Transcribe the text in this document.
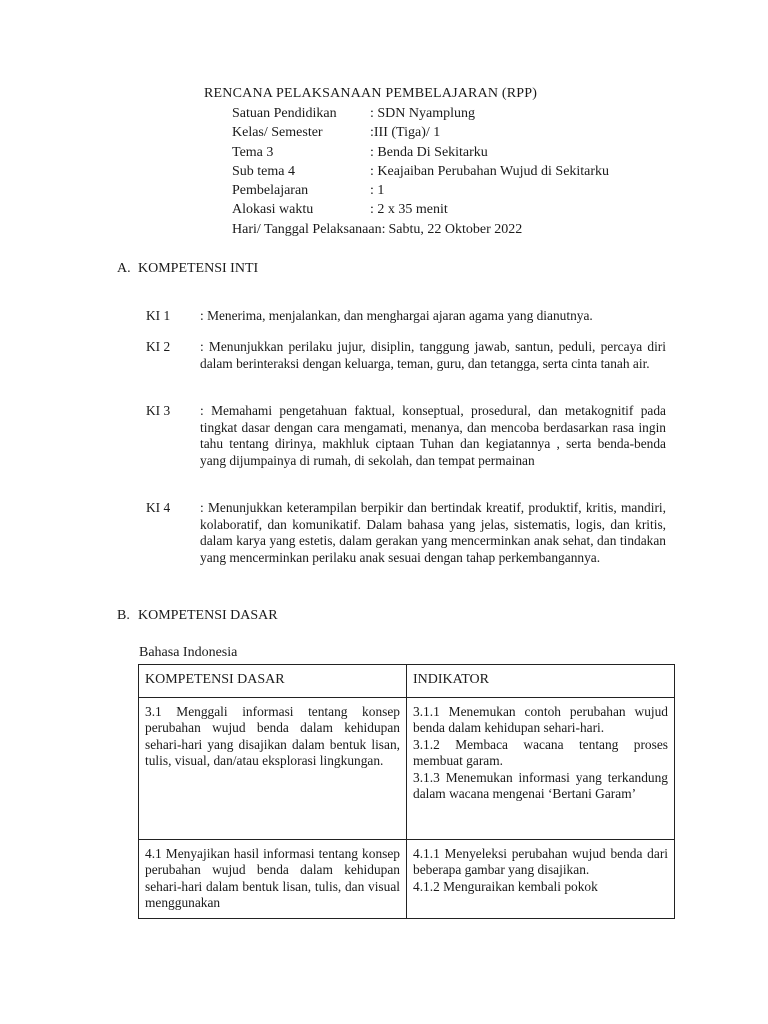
RENCANA PELAKSANAAN PEMBELAJARAN (RPP)
Satuan Pendidikan : SDN Nyamplung
Kelas/ Semester	:III (Tiga)/ 1
Tema 3	: Benda Di Sekitarku
Sub tema 4	: Keajaiban Perubahan Wujud di Sekitarku
Pembelajaran	: 1
Alokasi waktu	: 2 x 35 menit
Hari/ Tanggal Pelaksanaan: Sabtu, 22 Oktober 2022
A. KOMPETENSI INTI
KI 1 : Menerima, menjalankan, dan menghargai ajaran agama yang dianutnya.
KI 2 : Menunjukkan perilaku jujur, disiplin, tanggung jawab, santun, peduli, percaya diri dalam berinteraksi dengan keluarga, teman, guru, dan tetangga, serta cinta tanah air.
KI 3 : Memahami pengetahuan faktual, konseptual, prosedural, dan metakognitif pada tingkat dasar dengan cara mengamati, menanya, dan mencoba berdasarkan rasa ingin tahu tentang dirinya, makhluk ciptaan Tuhan dan kegiatannya , serta benda-benda yang dijumpainya di rumah, di sekolah, dan tempat permainan
KI 4 : Menunjukkan keterampilan berpikir dan bertindak kreatif, produktif, kritis, mandiri, kolaboratif, dan komunikatif. Dalam bahasa yang jelas, sistematis, logis, dan kritis, dalam karya yang estetis, dalam gerakan yang mencerminkan anak sehat, dan tindakan yang mencerminkan perilaku anak sesuai dengan tahap perkembangannya.
B. KOMPETENSI DASAR
Bahasa Indonesia
KOMPETENSI DASAR	INDIKATOR
3.1 Menggali informasi tentang konsep perubahan wujud benda dalam kehidupan sehari-hari yang disajikan dalam bentuk lisan, tulis, visual, dan/atau eksplorasi lingkungan.	3.1.1 Menemukan contoh perubahan wujud benda dalam kehidupan sehari-hari.
3.1.2 Membaca wacana tentang proses membuat garam.
3.1.3 Menemukan informasi yang terkandung dalam wacana mengenai ‘Bertani Garam’

4.1 Menyajikan hasil informasi tentang konsep perubahan wujud benda dalam kehidupan sehari-hari dalam bentuk lisan, tulis, dan visual menggunakan	4.1.1 Menyeleksi perubahan wujud benda dari beberapa gambar yang disajikan.
4.1.2 Menguraikan kembali pokok
